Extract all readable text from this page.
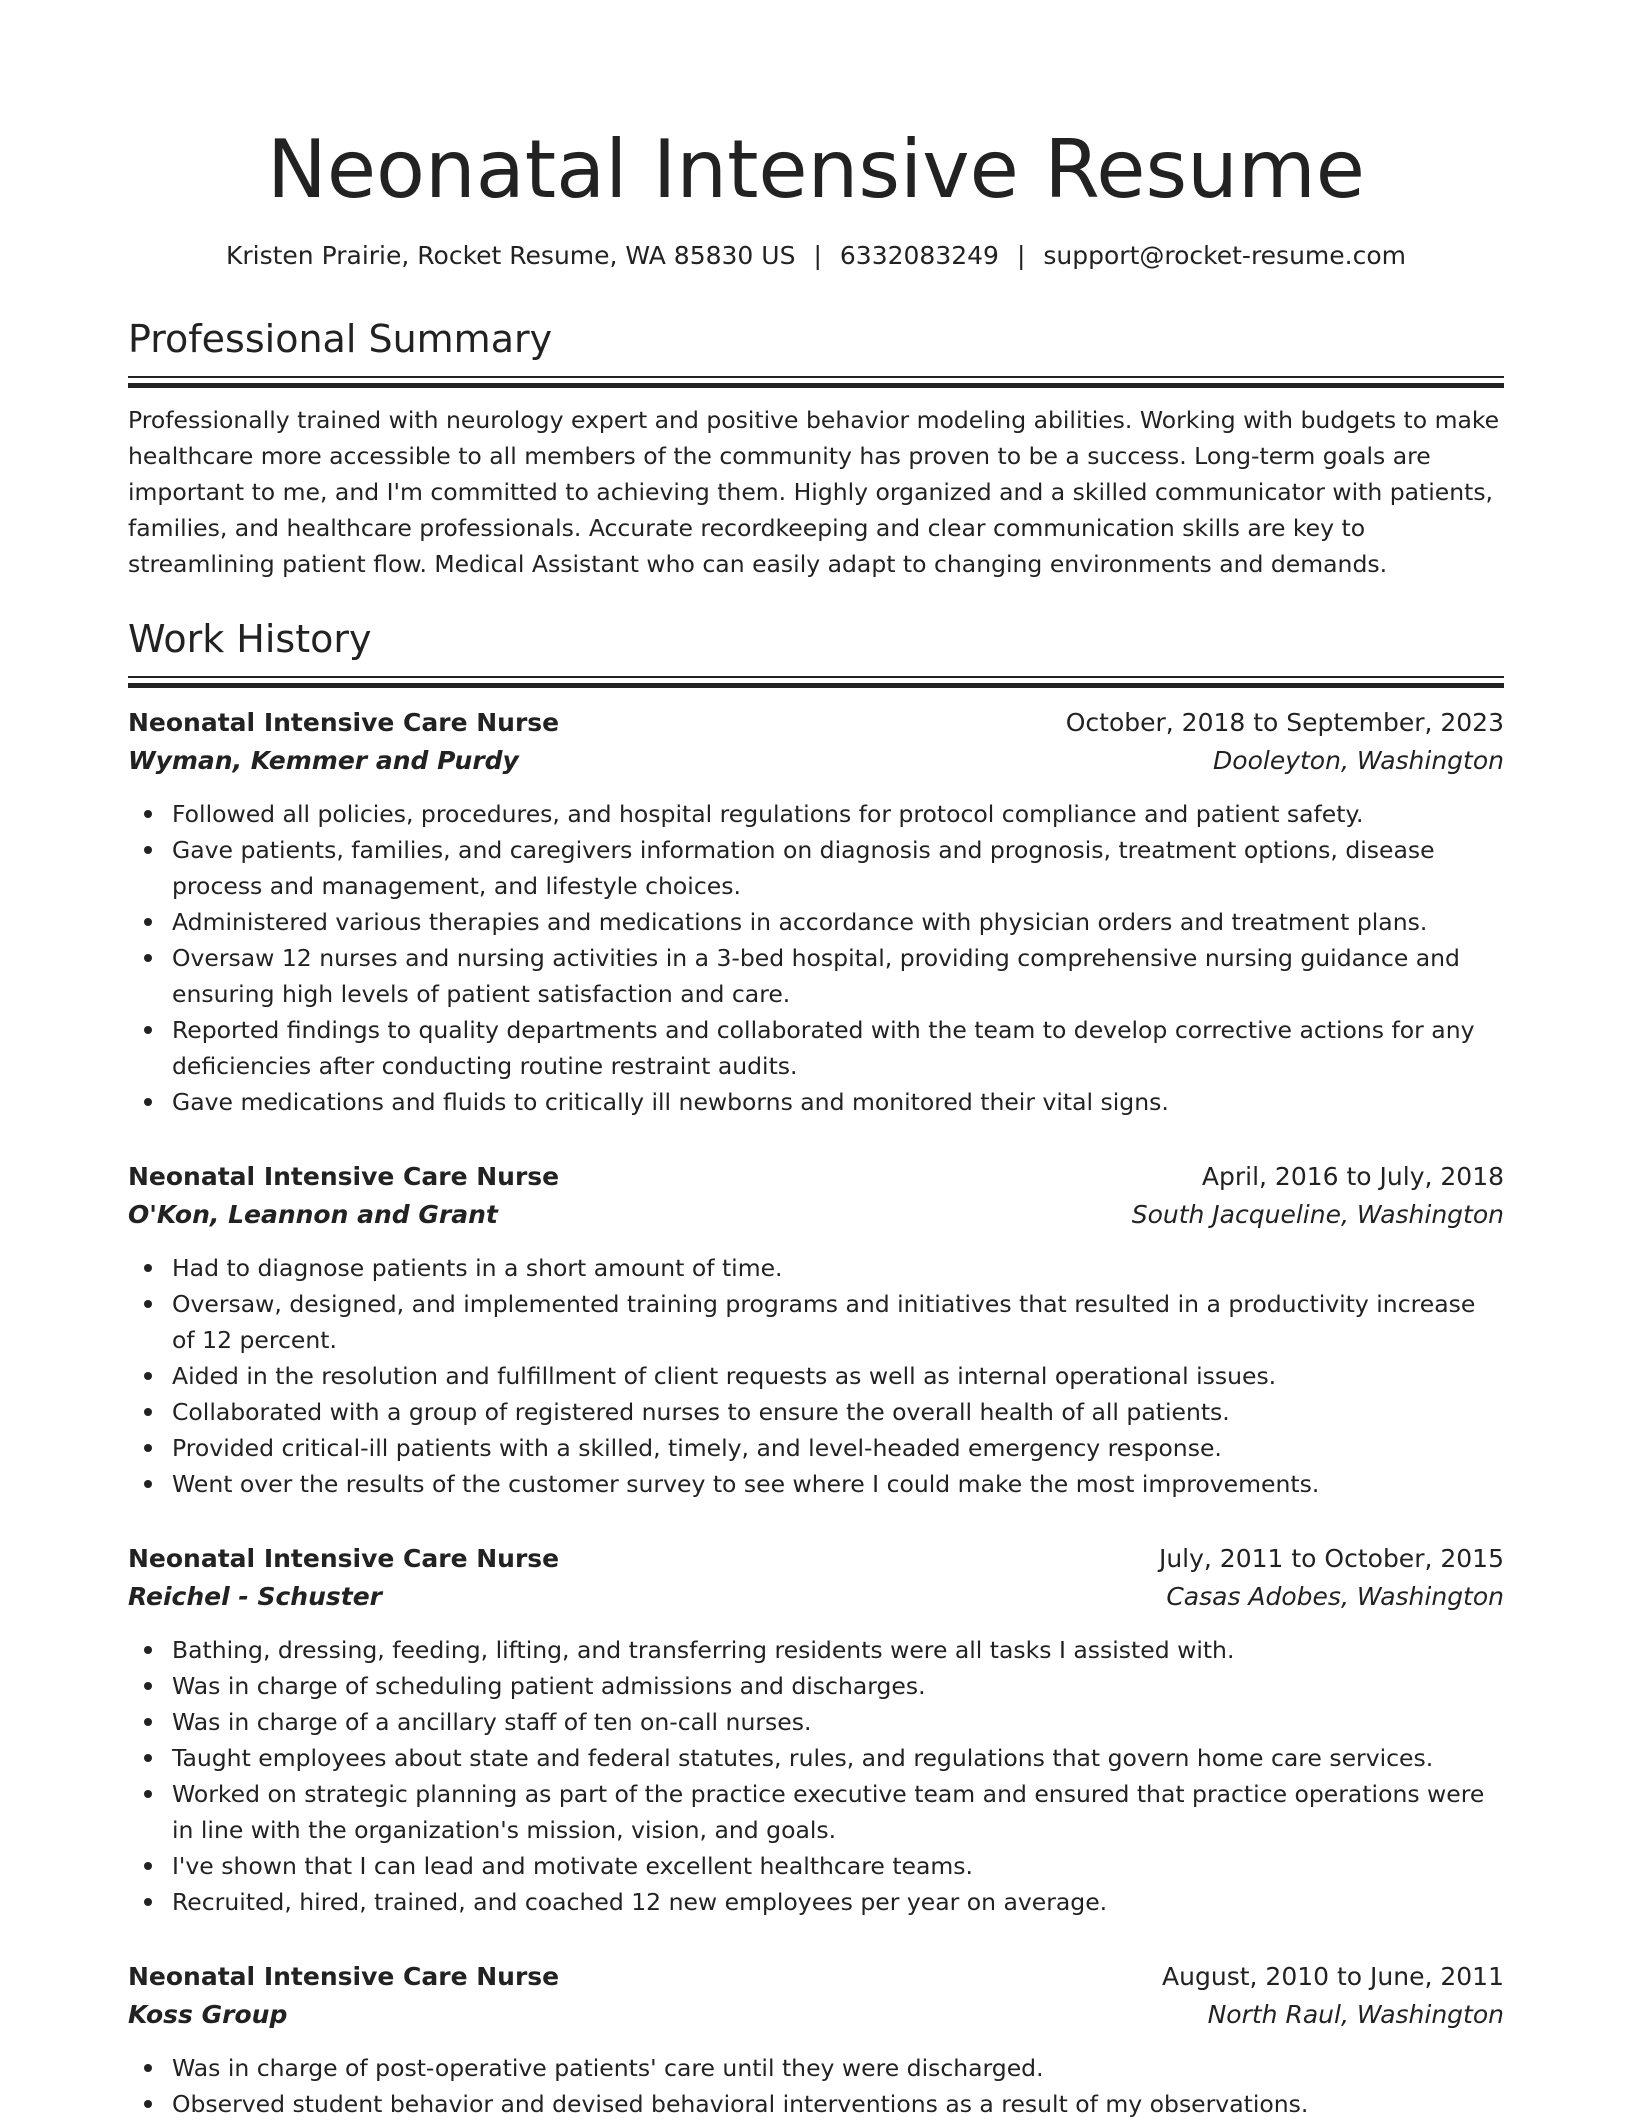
Neonatal Intensive Resume
Kristen Prairie, Rocket Resume, WA 85830 US | 6332083249 | support@rocket-resume.com
Professional Summary

Professionally trained with neurology expert and positive behavior modeling abilities. Working with budgets to make healthcare more accessible to all members of the community has proven to be a success. Long-term goals are important to me, and I'm committed to achieving them. Highly organized and a skilled communicator with patients, families, and healthcare professionals. Accurate recordkeeping and clear communication skills are key to streamlining patient flow. Medical Assistant who can easily adapt to changing environments and demands.

Work History
Neonatal Intensive Care Nurse	October, 2018 to September, 2023
Wyman, Kemmer and Purdy	Dooleyton, Washington
Followed all policies, procedures, and hospital regulations for protocol compliance and patient safety.
Gave patients, families, and caregivers information on diagnosis and prognosis, treatment options, disease process and management, and lifestyle choices.
Administered various therapies and medications in accordance with physician orders and treatment plans.
Oversaw 12 nurses and nursing activities in a 3-bed hospital, providing comprehensive nursing guidance and ensuring high levels of patient satisfaction and care.
Reported findings to quality departments and collaborated with the team to develop corrective actions for any deficiencies after conducting routine restraint audits.
Gave medications and fluids to critically ill newborns and monitored their vital signs.
Neonatal Intensive Care Nurse	April, 2016 to July, 2018
O'Kon, Leannon and Grant	South Jacqueline, Washington
Had to diagnose patients in a short amount of time.
Oversaw, designed, and implemented training programs and initiatives that resulted in a productivity increase of 12 percent.
Aided in the resolution and fulfillment of client requests as well as internal operational issues.
Collaborated with a group of registered nurses to ensure the overall health of all patients.
Provided critical-ill patients with a skilled, timely, and level-headed emergency response.
Went over the results of the customer survey to see where I could make the most improvements.
Neonatal Intensive Care Nurse	July, 2011 to October, 2015
Reichel - Schuster	Casas Adobes, Washington
Bathing, dressing, feeding, lifting, and transferring residents were all tasks I assisted with.
Was in charge of scheduling patient admissions and discharges.
Was in charge of a ancillary staff of ten on-call nurses.
Taught employees about state and federal statutes, rules, and regulations that govern home care services.
Worked on strategic planning as part of the practice executive team and ensured that practice operations were in line with the organization's mission, vision, and goals.
I've shown that I can lead and motivate excellent healthcare teams.
Recruited, hired, trained, and coached 12 new employees per year on average.
Neonatal Intensive Care Nurse	August, 2010 to June, 2011
Koss Group	North Raul, Washington
Was in charge of post-operative patients' care until they were discharged.
Observed student behavior and devised behavioral interventions as a result of my observations.
